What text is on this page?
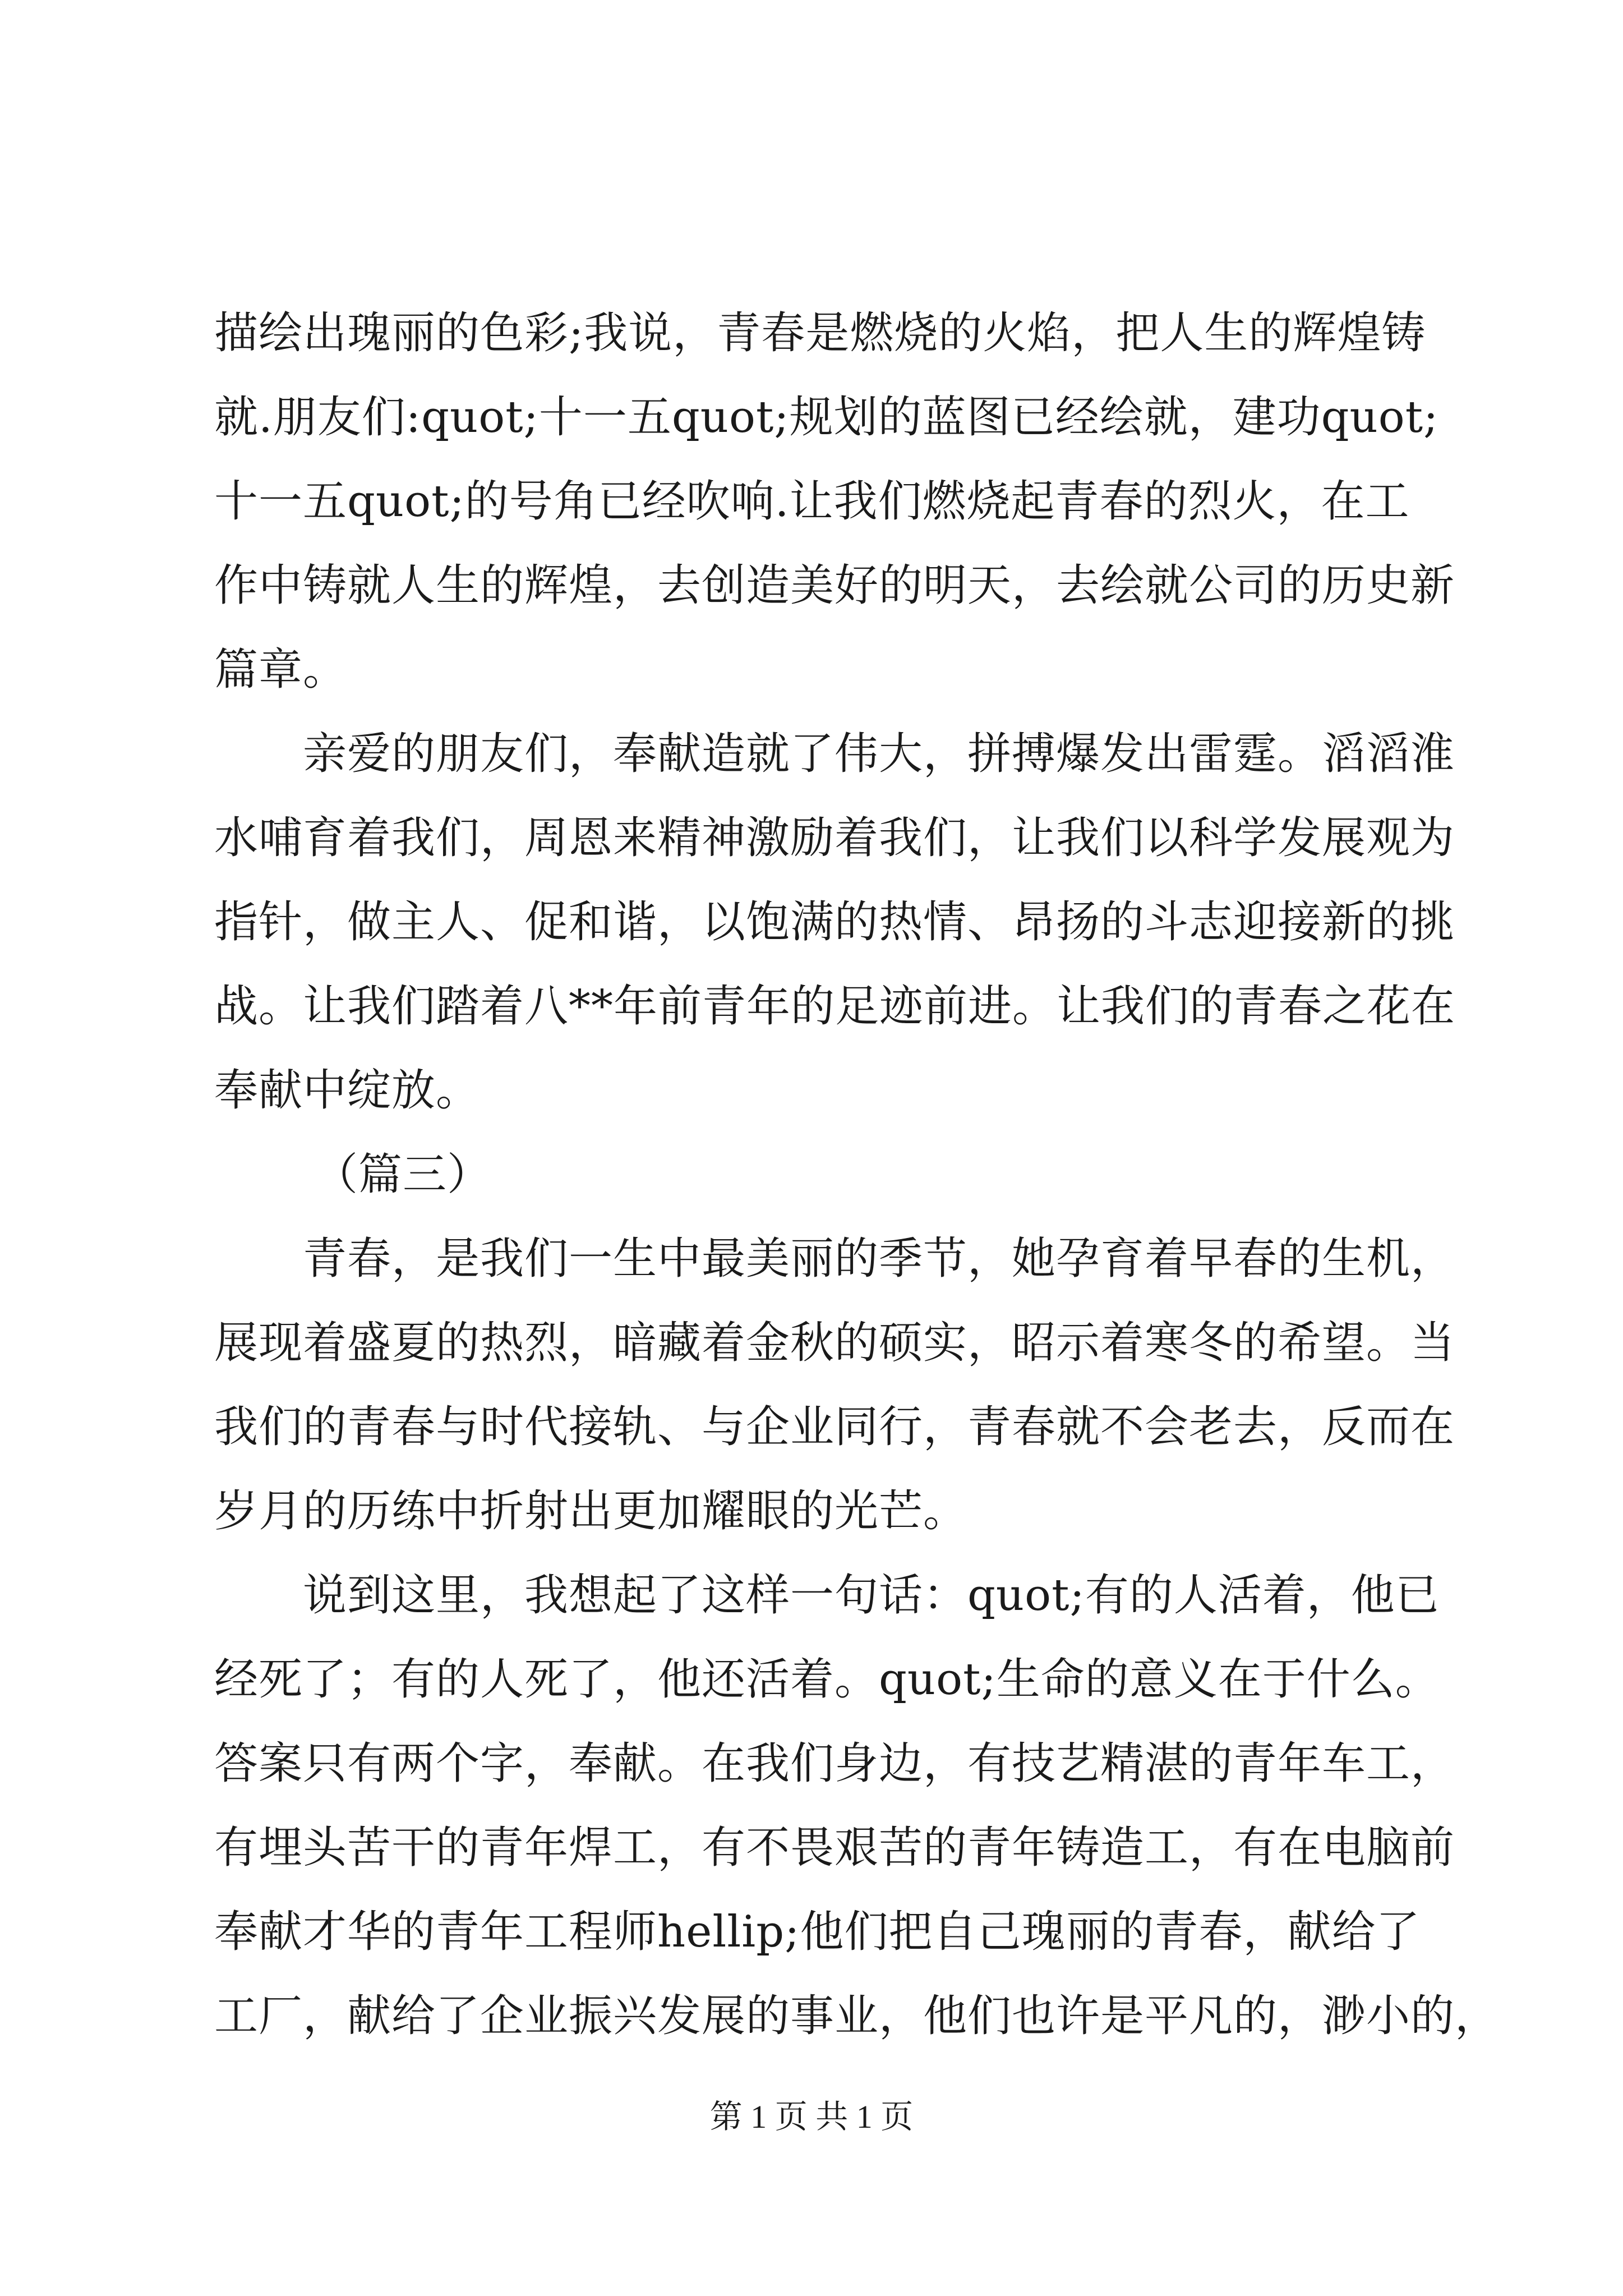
描绘出瑰丽的色彩;我说，青春是燃烧的火焰，把人生的辉煌铸
就.朋友们:quot;十一五quot;规划的蓝图已经绘就，建功quot;
十一五quot;的号角已经吹响.让我们燃烧起青春的烈火，在工
作中铸就人生的辉煌，去创造美好的明天，去绘就公司的历史新
篇章。
亲爱的朋友们，奉献造就了伟大，拼搏爆发出雷霆。滔滔淮
水哺育着我们，周恩来精神激励着我们，让我们以科学发展观为
指针，做主人、促和谐，以饱满的热情、昂扬的斗志迎接新的挑
战。让我们踏着八**年前青年的足迹前进。让我们的青春之花在
奉献中绽放。
（篇三）
青春，是我们一生中最美丽的季节，她孕育着早春的生机，
展现着盛夏的热烈，暗藏着金秋的硕实，昭示着寒冬的希望。当
我们的青春与时代接轨、与企业同行，青春就不会老去，反而在
岁月的历练中折射出更加耀眼的光芒。
说到这里，我想起了这样一句话：quot;有的人活着，他已
经死了；有的人死了，他还活着。quot;生命的意义在于什么。
答案只有两个字，奉献。在我们身边，有技艺精湛的青年车工，
有埋头苦干的青年焊工，有不畏艰苦的青年铸造工，有在电脑前
奉献才华的青年工程师hellip;他们把自己瑰丽的青春，献给了
工厂，献给了企业振兴发展的事业，他们也许是平凡的，渺小的，
第 1 页 共 1 页
